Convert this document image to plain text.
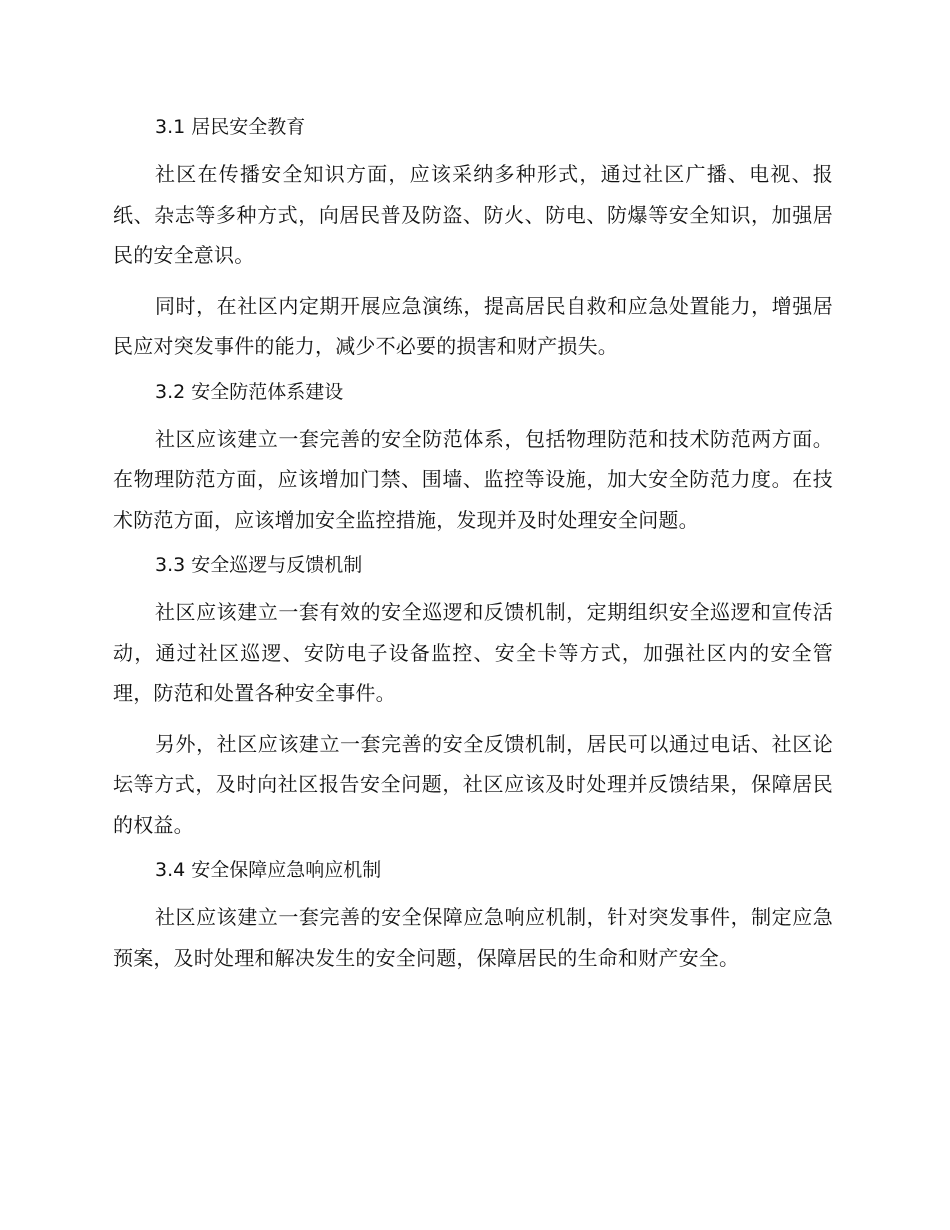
3.1 居民安全教育

社区在传播安全知识方面，应该采纳多种形式，通过社区广播、电视、报纸、杂志等多种方式，向居民普及防盗、防火、防电、防爆等安全知识，加强居民的安全意识。

同时，在社区内定期开展应急演练，提高居民自救和应急处置能力，增强居民应对突发事件的能力，减少不必要的损害和财产损失。

3.2 安全防范体系建设

社区应该建立一套完善的安全防范体系，包括物理防范和技术防范两方面。在物理防范方面，应该增加门禁、围墙、监控等设施，加大安全防范力度。在技术防范方面，应该增加安全监控措施，发现并及时处理安全问题。

3.3 安全巡逻与反馈机制

社区应该建立一套有效的安全巡逻和反馈机制，定期组织安全巡逻和宣传活动，通过社区巡逻、安防电子设备监控、安全卡等方式，加强社区内的安全管理，防范和处置各种安全事件。

另外，社区应该建立一套完善的安全反馈机制，居民可以通过电话、社区论坛等方式，及时向社区报告安全问题，社区应该及时处理并反馈结果，保障居民的权益。

3.4 安全保障应急响应机制

社区应该建立一套完善的安全保障应急响应机制，针对突发事件，制定应急预案，及时处理和解决发生的安全问题，保障居民的生命和财产安全。
